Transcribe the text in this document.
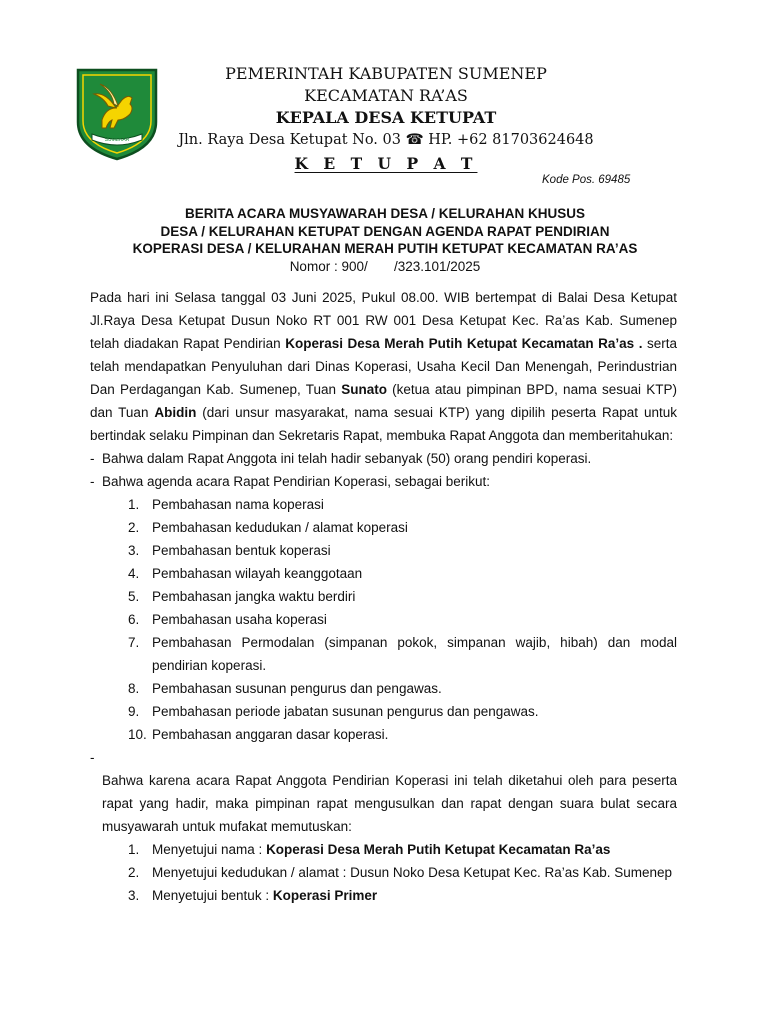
SUMEKAR
PEMERINTAH KABUPATEN SUMENEP
KECAMATAN RA’AS
KEPALA DESA KETUPAT
Jln. Raya Desa Ketupat No. 03 ☎ HP. +62 81703624648
K E T U P A T
Kode Pos. 69485
BERITA ACARA MUSYAWARAH DESA / KELURAHAN KHUSUS
DESA / KELURAHAN KETUPAT DENGAN AGENDA RAPAT PENDIRIAN
KOPERASI DESA / KELURAHAN MERAH PUTIH KETUPAT KECAMATAN RA’AS
Nomor : 900/       /323.101/2025

Pada hari ini Selasa tanggal 03 Juni 2025, Pukul 08.00. WIB bertempat di Balai Desa Ketupat Jl.Raya Desa Ketupat Dusun Noko RT 001 RW 001 Desa Ketupat Kec. Ra’as Kab. Sumenep telah diadakan Rapat Pendirian Koperasi Desa Merah Putih Ketupat Kecamatan Ra’as . serta telah mendapatkan Penyuluhan dari Dinas Koperasi, Usaha Kecil Dan Menengah, Perindustrian Dan Perdagangan Kab. Sumenep, Tuan Sunato (ketua atau pimpinan BPD, nama sesuai KTP) dan Tuan Abidin (dari unsur masyarakat, nama sesuai KTP) yang dipilih peserta Rapat untuk bertindak selaku Pimpinan dan Sekretaris Rapat, membuka Rapat Anggota dan memberitahukan:

- Bahwa dalam Rapat Anggota ini telah hadir sebanyak (50) orang pendiri koperasi.
- Bahwa agenda acara Rapat Pendirian Koperasi, sebagai berikut:
1. Pembahasan nama koperasi
2. Pembahasan kedudukan / alamat koperasi
3. Pembahasan bentuk koperasi
4. Pembahasan wilayah keanggotaan
5. Pembahasan jangka waktu berdiri
6. Pembahasan usaha koperasi
7. Pembahasan Permodalan (simpanan pokok, simpanan wajib, hibah) dan modal pendirian koperasi.
8. Pembahasan susunan pengurus dan pengawas.
9. Pembahasan periode jabatan susunan pengurus dan pengawas.
10. Pembahasan anggaran dasar koperasi.
-

Bahwa karena acara Rapat Anggota Pendirian Koperasi ini telah diketahui oleh para peserta rapat yang hadir, maka pimpinan rapat mengusulkan dan rapat dengan suara bulat secara musyawarah untuk mufakat memutuskan:

1. Menyetujui nama : Koperasi Desa Merah Putih Ketupat Kecamatan Ra’as
2. Menyetujui kedudukan / alamat : Dusun Noko Desa Ketupat Kec. Ra’as Kab. Sumenep
3. Menyetujui bentuk : Koperasi Primer
